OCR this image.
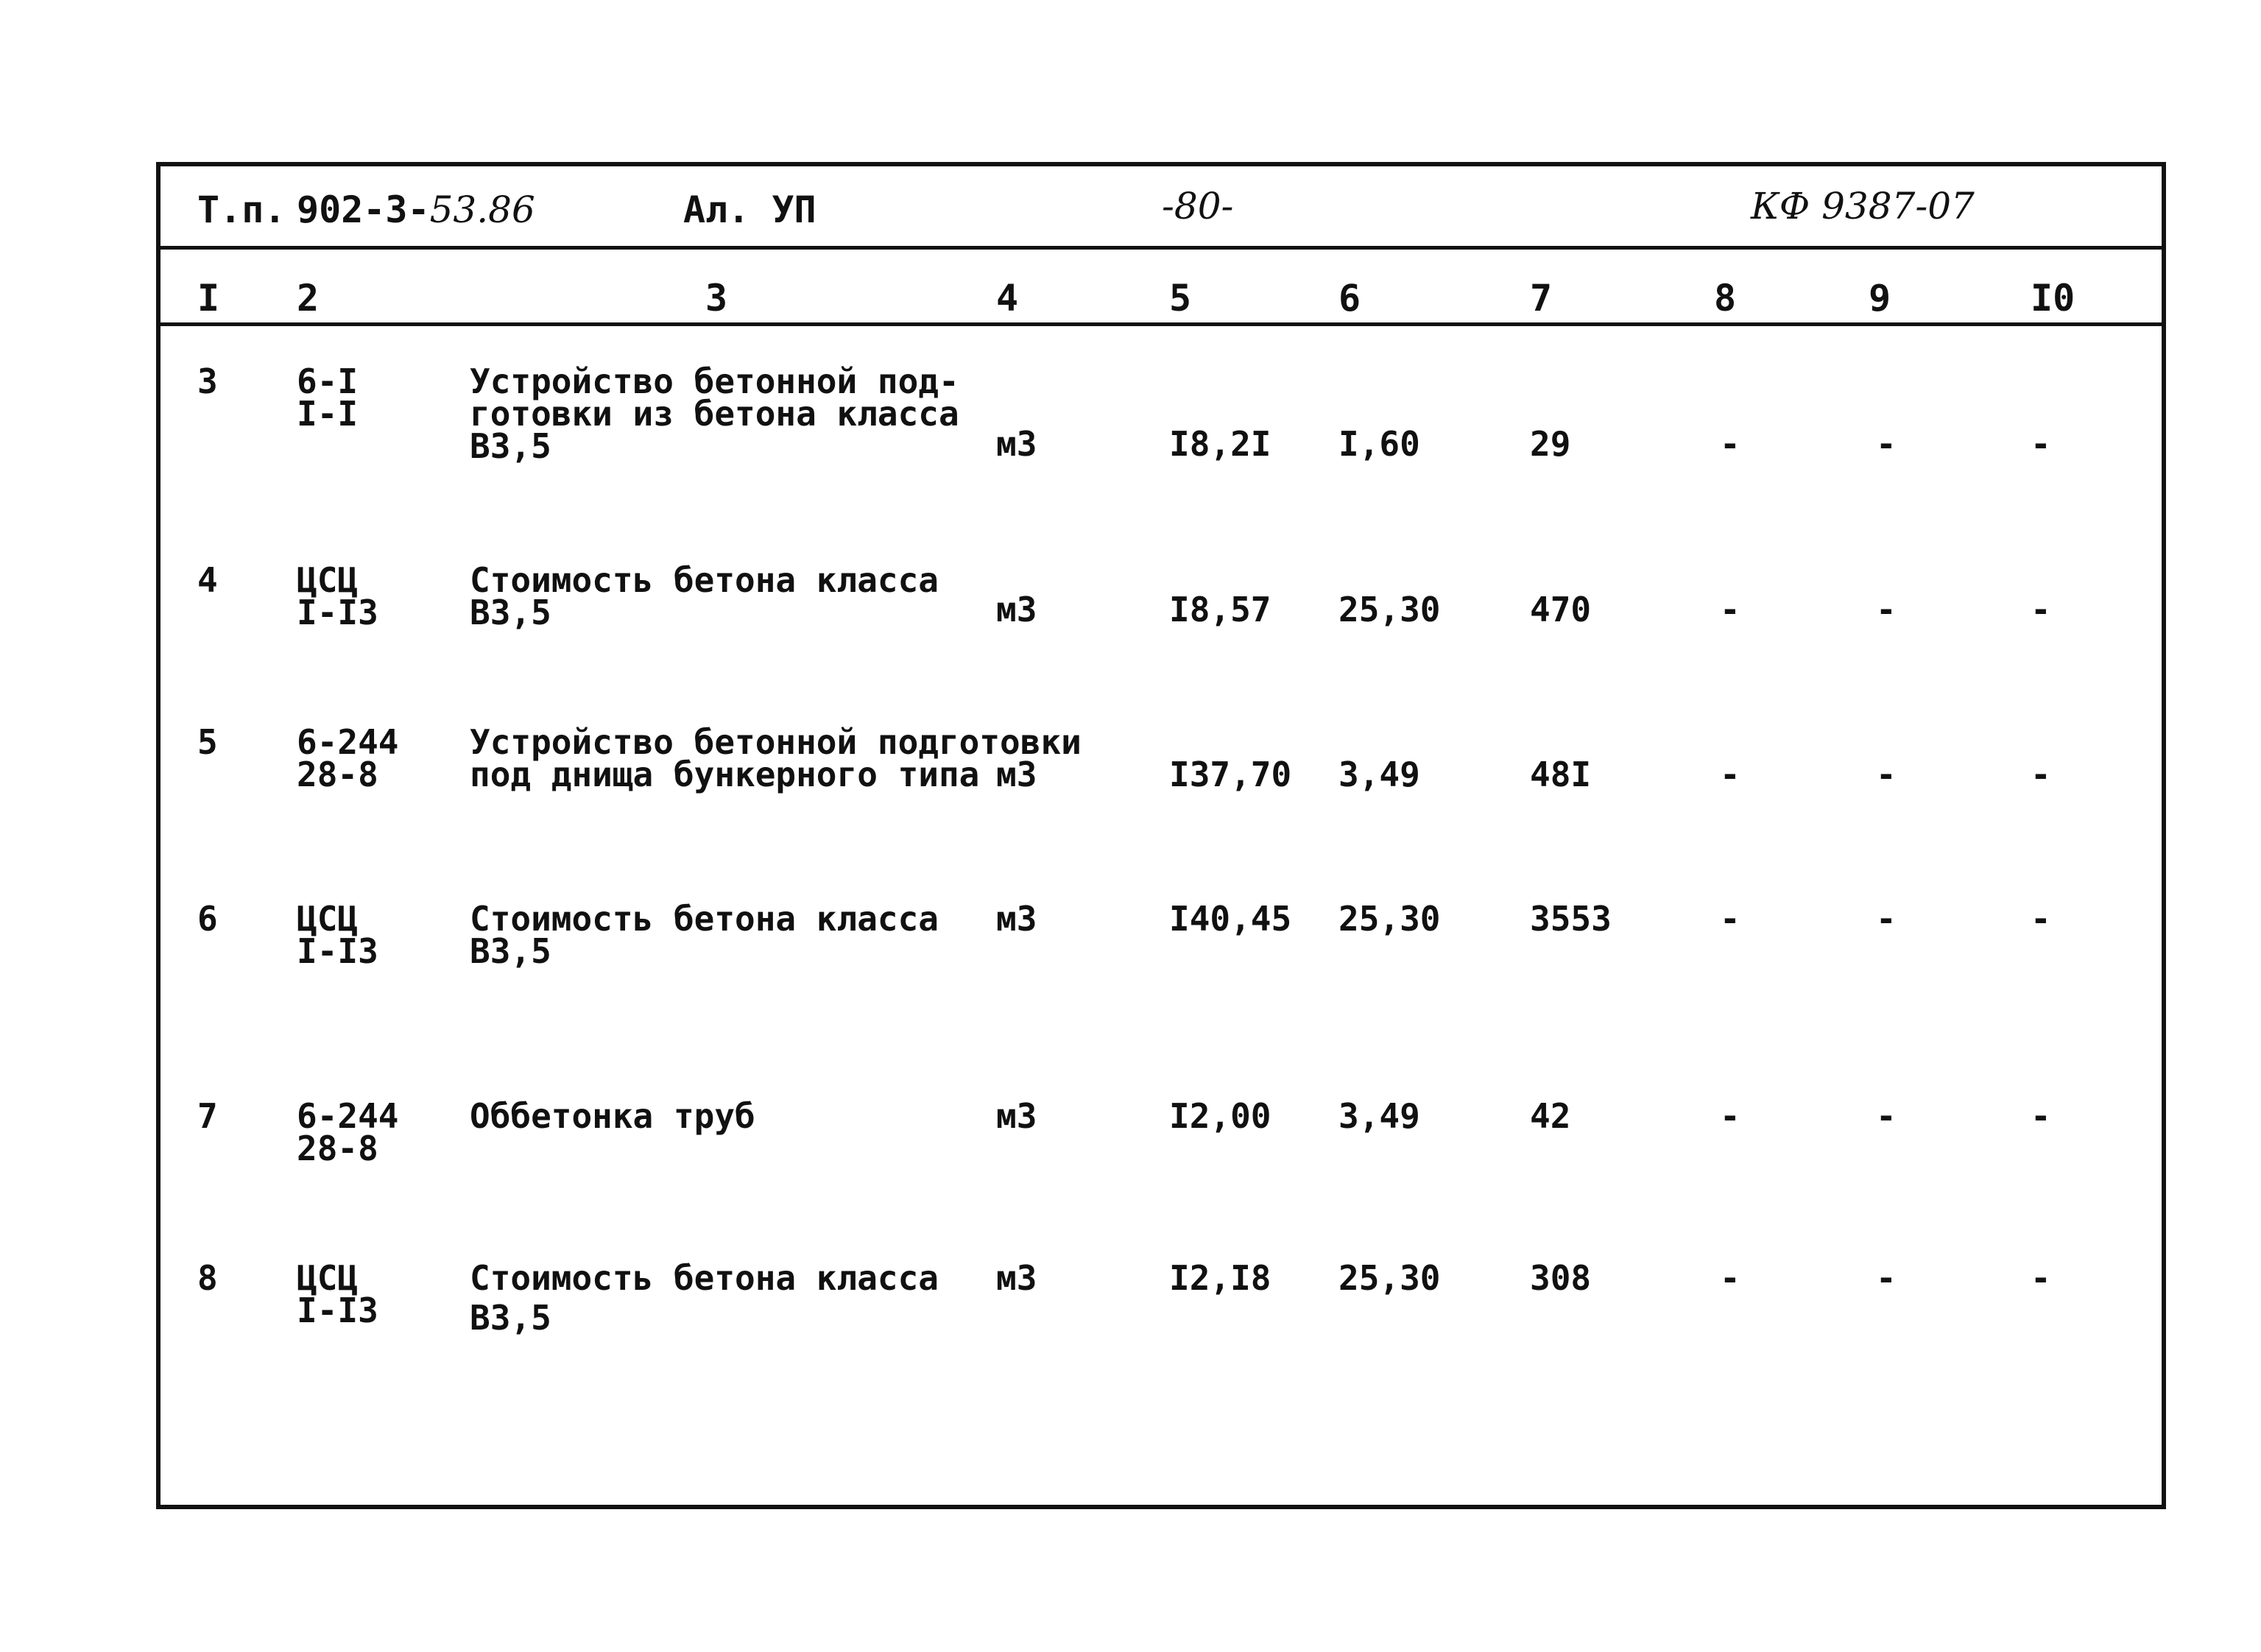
Т.п. 902-3-53.86	Ал. УП	-80-	КФ 9387-07
I 2	3	4	5	6	7	8	9	I0
3 6-I
I-I
Устройство бетонной под-
готовки из бетона класса
В3,5	м3	I8,2I I,60	29	-	-	-
4 ЦСЦ
I-I3
Стоимость бетона класса
В3,5	м3	I8,57 25,30	470	-	-	-
5 6-244
28-8
Устройство бетонной подготовки
под днища бункерного типа м3	I37,70 3,49	48I	-	-	-
6 ЦСЦ
I-I3
Стоимость бетона класса
В3,5
м3	I40,45 25,30	3553	-	-	-
7 6-244
28-8
Оббетонка труб	м3	I2,00 3,49	42	-	-	-
8 ЦСЦ
I-I3
Стоимость бетона класса
В3,5
м3	I2,I8 25,30	308	-	-	-
